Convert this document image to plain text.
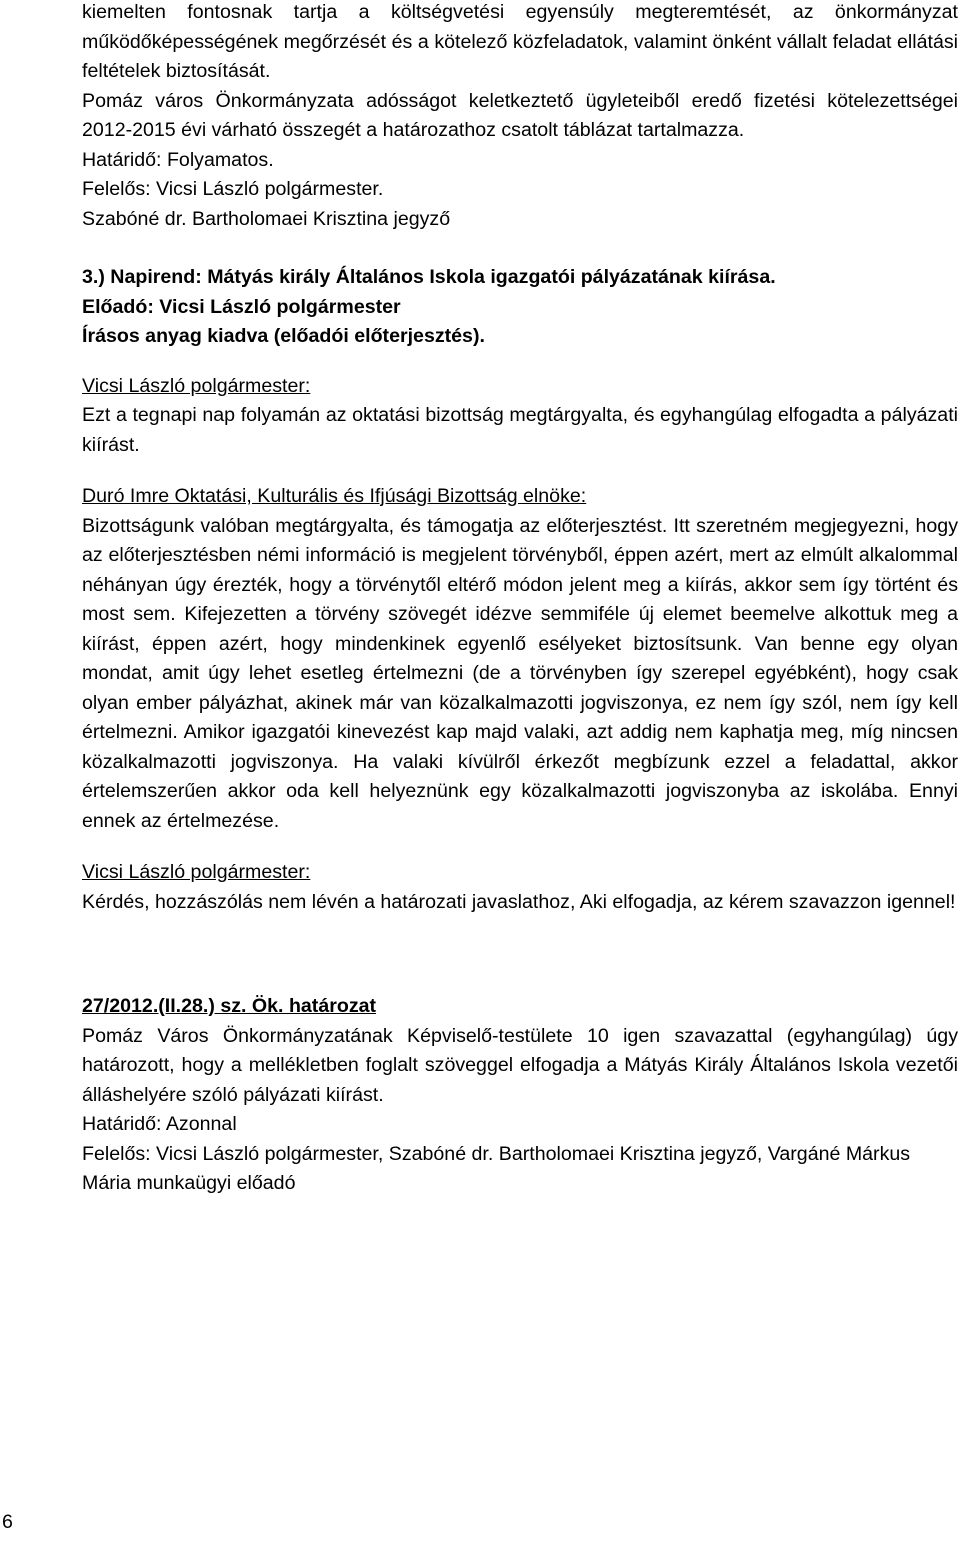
kiemelten fontosnak tartja a költségvetési egyensúly megteremtését, az önkormányzat működőképességének megőrzését és a kötelező közfeladatok, valamint önként vállalt feladat ellátási feltételek biztosítását.

Pomáz város Önkormányzata adósságot keletkeztető ügyleteiből eredő fizetési kötelezettségei 2012-2015 évi várható összegét a határozathoz csatolt táblázat tartalmazza.

Határidő: Folyamatos.

Felelős: Vicsi László polgármester.

Szabóné dr. Bartholomaei Krisztina jegyző

3.) Napirend: Mátyás király Általános Iskola igazgatói pályázatának kiírása.

Előadó: Vicsi László polgármester

Írásos anyag kiadva (előadói előterjesztés).

Vicsi László polgármester:

Ezt a tegnapi nap folyamán az oktatási bizottság megtárgyalta, és egyhangúlag elfogadta a pályázati kiírást.

Duró Imre Oktatási, Kulturális és Ifjúsági Bizottság elnöke:

Bizottságunk valóban megtárgyalta, és támogatja az előterjesztést. Itt szeretném megjegyezni, hogy az előterjesztésben némi információ is megjelent törvényből, éppen azért, mert az elmúlt alkalommal néhányan úgy érezték, hogy a törvénytől eltérő módon jelent meg a kiírás, akkor sem így történt és most sem. Kifejezetten a törvény szövegét idézve semmiféle új elemet beemelve alkottuk meg a kiírást, éppen azért, hogy mindenkinek egyenlő esélyeket biztosítsunk. Van benne egy olyan mondat, amit úgy lehet esetleg értelmezni (de a törvényben így szerepel egyébként), hogy csak olyan ember pályázhat, akinek már van közalkalmazotti jogviszonya, ez nem így szól, nem így kell értelmezni. Amikor igazgatói kinevezést kap majd valaki, azt addig nem kaphatja meg, míg nincsen közalkalmazotti jogviszonya. Ha valaki kívülről érkezőt megbízunk ezzel a feladattal, akkor értelemszerűen akkor oda kell helyeznünk egy közalkalmazotti jogviszonyba az iskolába. Ennyi ennek az értelmezése.

Vicsi László polgármester:

Kérdés, hozzászólás nem lévén a határozati javaslathoz, Aki elfogadja, az kérem szavazzon igennel!

27/2012.(II.28.) sz. Ök. határozat

Pomáz Város Önkormányzatának Képviselő-testülete 10 igen szavazattal (egyhangúlag) úgy határozott, hogy a mellékletben foglalt szöveggel elfogadja a Mátyás Király Általános Iskola vezetői álláshelyére szóló pályázati kiírást.

Határidő: Azonnal

Felelős: Vicsi László polgármester, Szabóné dr. Bartholomaei Krisztina jegyző, Vargáné Márkus Mária munkaügyi előadó

6
